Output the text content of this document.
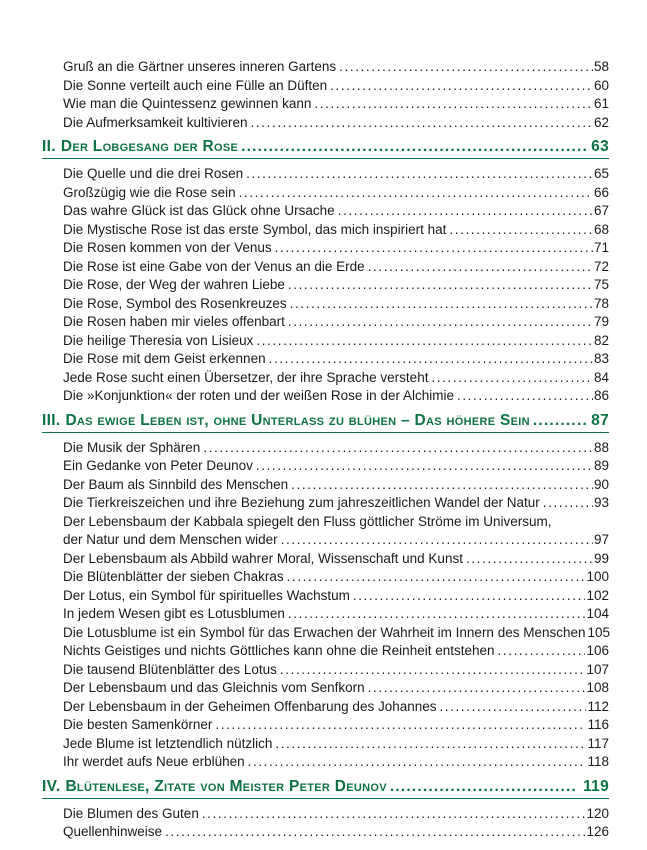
Gruß an die Gärtner unseres inneren Gartens .....	58
Die Sonne verteilt auch eine Fülle an Düften .....	60
Wie man die Quintessenz gewinnen kann .....	61
Die Aufmerksamkeit kultivieren .....	62
II. Der Lobgesang der Rose .....	63
Die Quelle und die drei Rosen .....	65
Großzügig wie die Rose sein .....	66
Das wahre Glück ist das Glück ohne Ursache .....	67
Die Mystische Rose ist das erste Symbol, das mich inspiriert hat .....	68
Die Rosen kommen von der Venus .....	71
Die Rose ist eine Gabe von der Venus an die Erde .....	72
Die Rose, der Weg der wahren Liebe .....	75
Die Rose, Symbol des Rosenkreuzes .....	78
Die Rosen haben mir vieles offenbart .....	79
Die heilige Theresia von Lisieux .....	82
Die Rose mit dem Geist erkennen .....	83
Jede Rose sucht einen Übersetzer, der ihre Sprache versteht .....	84
Die »Konjunktion« der roten und der weißen Rose in der Alchimie .....	86
III. Das ewige Leben ist, ohne Unterlass zu blühen – Das höhere Sein .....	87
Die Musik der Sphären .....	88
Ein Gedanke von Peter Deunov .....	89
Der Baum als Sinnbild des Menschen .....	90
Die Tierkreiszeichen und ihre Beziehung zum jahreszeitlichen Wandel der Natur .....	93
Der Lebensbaum der Kabbala spiegelt den Fluss göttlicher Ströme im Universum,
der Natur und dem Menschen wider .....	97
Der Lebensbaum als Abbild wahrer Moral, Wissenschaft und Kunst .....	99
Die Blütenblätter der sieben Chakras .....	100
Der Lotus, ein Symbol für spirituelles Wachstum .....	102
In jedem Wesen gibt es Lotusblumen .....	104
Die Lotusblume ist ein Symbol für das Erwachen der Wahrheit im Innern des Menschen 105
Nichts Geistiges und nichts Göttliches kann ohne die Reinheit entstehen .....	106
Die tausend Blütenblätter des Lotus .....	107
Der Lebensbaum und das Gleichnis vom Senfkorn .....	108
Der Lebensbaum in der Geheimen Offenbarung des Johannes .....	112
Die besten Samenkörner .....	116
Jede Blume ist letztendlich nützlich .....	117
Ihr werdet aufs Neue erblühen .....	118
IV. Blütenlese, Zitate von Meister Peter Deunov .....	119
Die Blumen des Guten .....	120
Quellenhinweise .....	126
